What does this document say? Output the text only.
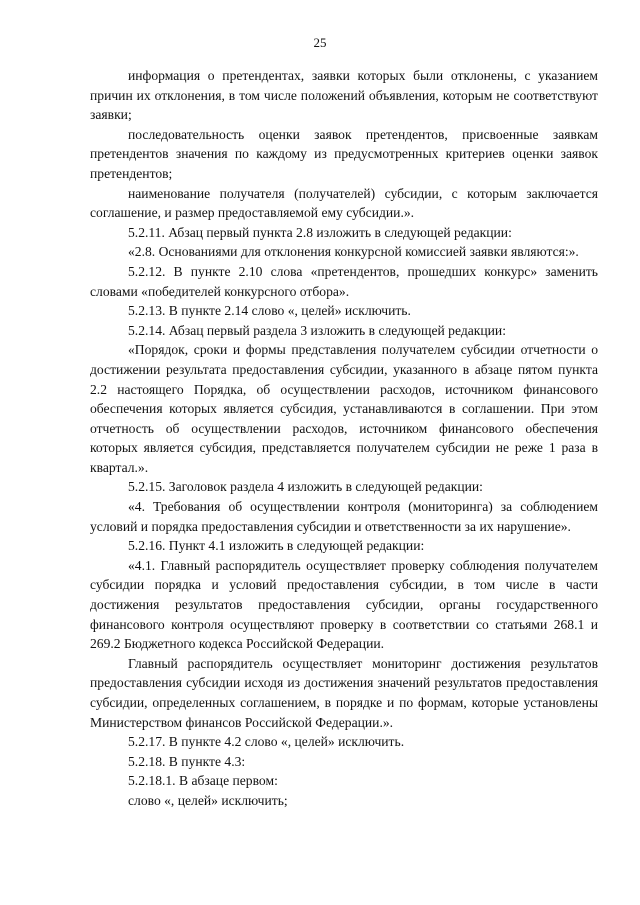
25

информация о претендентах, заявки которых были отклонены, с указанием причин их отклонения, в том числе положений объявления, которым не соответствуют заявки;

последовательность оценки заявок претендентов, присвоенные заявкам претендентов значения по каждому из предусмотренных критериев оценки заявок претендентов;

наименование получателя (получателей) субсидии, с которым заключается соглашение, и размер предоставляемой ему субсидии.».

5.2.11. Абзац первый пункта 2.8 изложить в следующей редакции:

«2.8. Основаниями для отклонения конкурсной комиссией заявки являются:».

5.2.12. В пункте 2.10 слова «претендентов, прошедших конкурс» заменить словами «победителей конкурсного отбора».

5.2.13. В пункте 2.14 слово «, целей» исключить.

5.2.14. Абзац первый раздела 3 изложить в следующей редакции:

«Порядок, сроки и формы представления получателем субсидии отчетности о достижении результата предоставления субсидии, указанного в абзаце пятом пункта 2.2 настоящего Порядка, об осуществлении расходов, источником финансового обеспечения которых является субсидия, устанавливаются в соглашении. При этом отчетность об осуществлении расходов, источником финансового обеспечения которых является субсидия, представляется получателем субсидии не реже 1 раза в квартал.».

5.2.15. Заголовок раздела 4 изложить в следующей редакции:

«4. Требования об осуществлении контроля (мониторинга) за соблюдением условий и порядка предоставления субсидии и ответственности за их нарушение».

5.2.16. Пункт 4.1 изложить в следующей редакции:

«4.1. Главный распорядитель осуществляет проверку соблюдения получателем субсидии порядка и условий предоставления субсидии, в том числе в части достижения результатов предоставления субсидии, органы государственного финансового контроля осуществляют проверку в соответствии со статьями 268.1 и 269.2 Бюджетного кодекса Российской Федерации.

Главный распорядитель осуществляет мониторинг достижения результатов предоставления субсидии исходя из достижения значений результатов предоставления субсидии, определенных соглашением, в порядке и по формам, которые установлены Министерством финансов Российской Федерации.».

5.2.17. В пункте 4.2 слово «, целей» исключить.

5.2.18. В пункте 4.3:

5.2.18.1. В абзаце первом:

слово «, целей» исключить;
